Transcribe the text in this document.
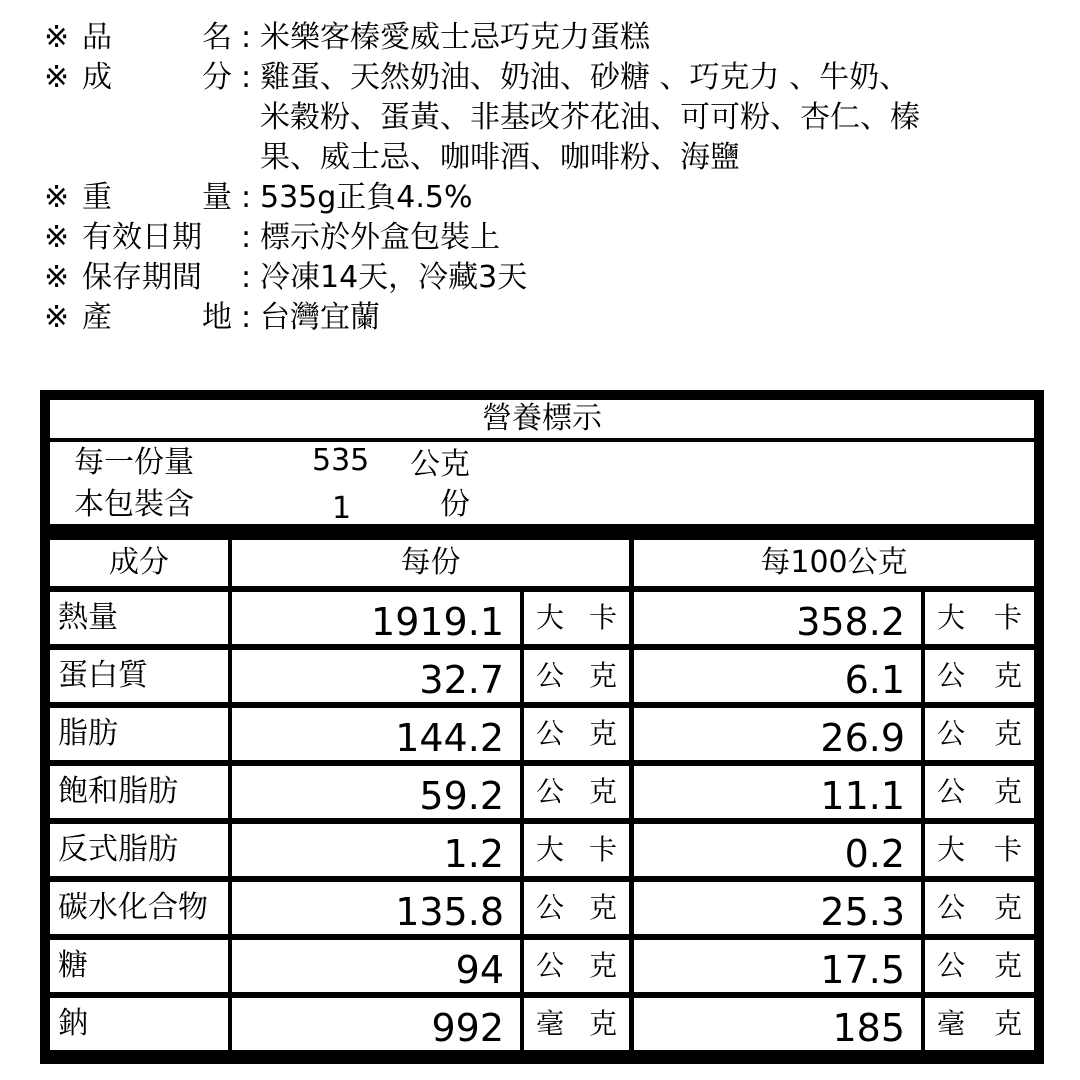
※ 品	名 : 米樂客榛愛威士忌巧克力蛋糕
※ 成	分 : 雞蛋、天然奶油、奶油、砂糖 、巧克力 、牛奶、
米穀粉、蛋黃、非基改芥花油、可可粉、杏仁、榛
果、威士忌、咖啡酒、咖啡粉、海鹽
※ 重	量 : 535g正負4.5%
※ 有效日期 : 標示於外盒包裝上
※ 保存期間 : 冷凍14天，冷藏3天
※ 產	地 : 台灣宜蘭
營養標示
每一份量	535 公克
本包裝含	1	份
成分	每份	每100公克
熱量	1919.1	大 卡	358.2	大 卡
蛋白質	32.7	公 克	6.1	公 克
脂肪	144.2	公 克	26.9	公 克
飽和脂肪	59.2	公 克	11.1	公 克
反式脂肪	1.2	大 卡	0.2	大 卡
碳水化合物	135.8	公 克	25.3	公 克
糖	94	公 克	17.5	公 克
鈉	992	毫 克	185	毫 克
